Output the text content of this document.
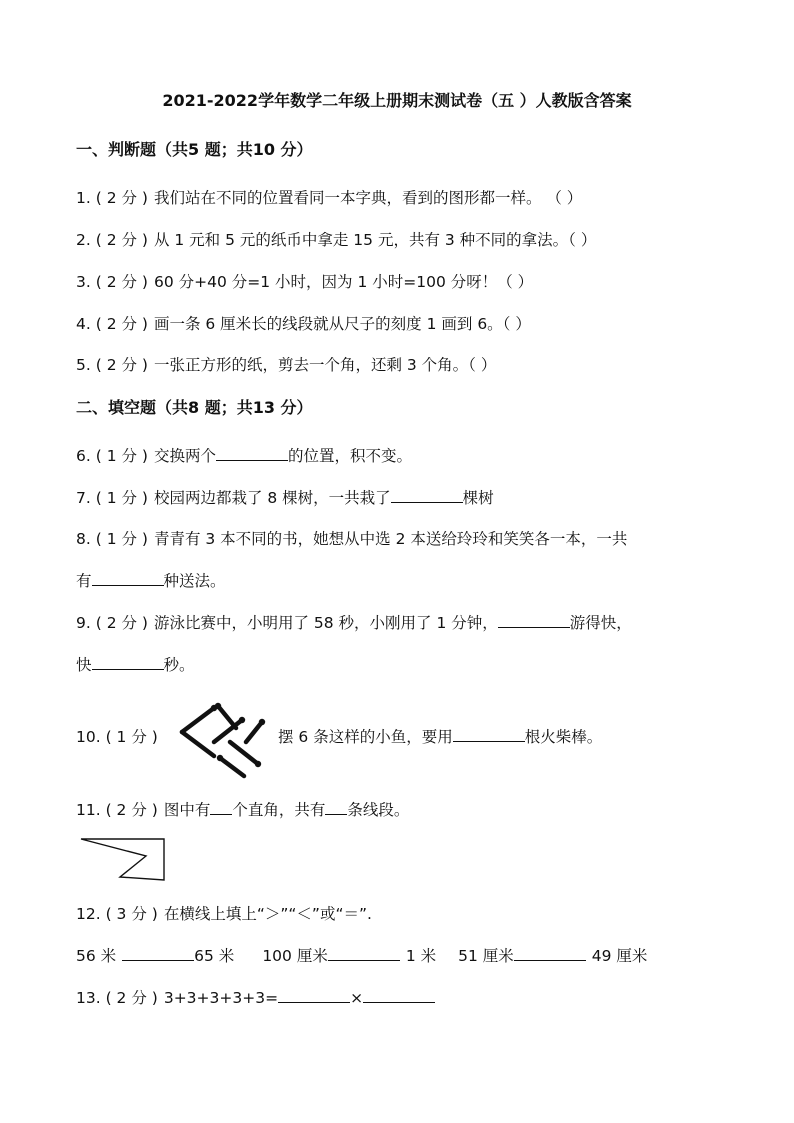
2021-2022学年数学二年级上册期末测试卷（五 ）人教版含答案
一、判断题（共5 题；共10 分）
1. ( 2 分 ) 我们站在不同的位置看同一本字典，看到的图形都一样。 （ ）
2. ( 2 分 ) 从 1 元和 5 元的纸币中拿走 15 元，共有 3 种不同的拿法。（ ）
3. ( 2 分 ) 60 分+40 分=1 小时，因为 1 小时=100 分呀！（ ）
4. ( 2 分 ) 画一条 6 厘米长的线段就从尺子的刻度 1 画到 6。（ ）
5. ( 2 分 ) 一张正方形的纸，剪去一个角，还剩 3 个角。（ ）
二、填空题（共8 题；共13 分）
6. ( 1 分 ) 交换两个	的位置，积不变。
7. ( 1 分 ) 校园两边都栽了 8 棵树，一共栽了	棵树
8. ( 1 分 ) 青青有 3 本不同的书，她想从中选 2 本送给玲玲和笑笑各一本，一共
有	种送法。
9. ( 2 分 ) 游泳比赛中，小明用了 58 秒，小刚用了 1 分钟，	游得快，
快	秒。
10. ( 1 分 )	摆 6 条这样的小鱼，要用	根火柴棒。
11. ( 2 分 ) 图中有 个直角，共有 条线段。
12. ( 3 分 ) 在横线上填上“＞”“＜”或“＝”.
56 米	65 米 100 厘米	1 米 51 厘米	49 厘米
13. ( 2 分 ) 3+3+3+3+3=	×
